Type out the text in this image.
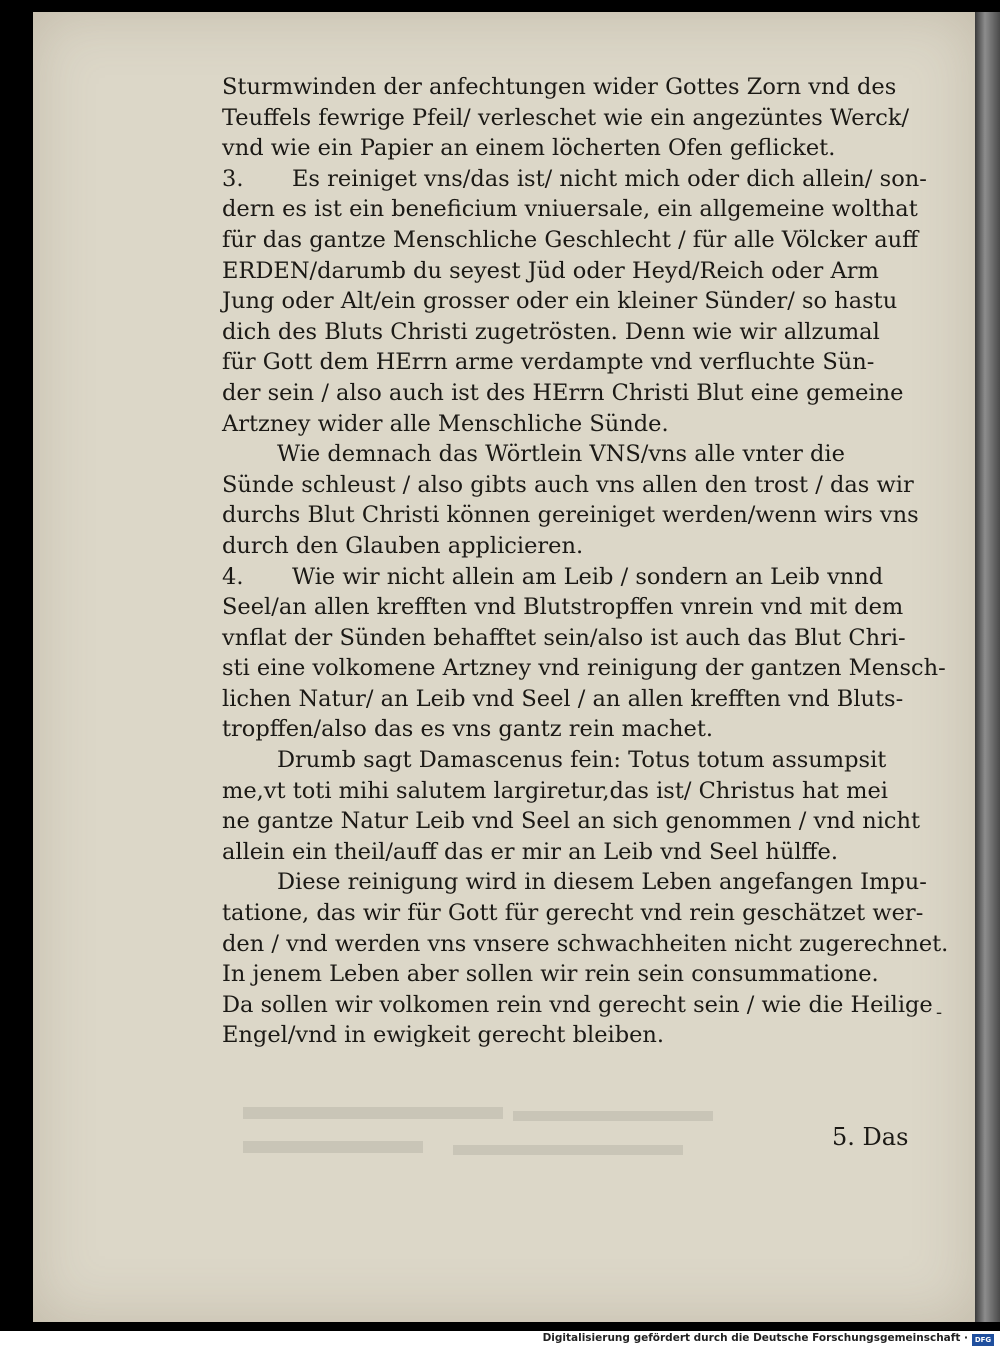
Sturmwinden der anfechtungen wider Gottes Zorn vnd des
Teuffels fewrige Pfeil/ verleschet wie ein angezüntes Werck/
vnd wie ein Papier an einem löcherten Ofen geflicket.
3. Es reiniget vns/das ist/ nicht mich oder dich allein/ son-
dern es ist ein beneficium vniuersale, ein allgemeine wolthat
für das gantze Menschliche Geschlecht / für alle Völcker auff
ERDEN/darumb du seyest Jüd oder Heyd/Reich oder Arm
Jung oder Alt/ein grosser oder ein kleiner Sünder/ so hastu
dich des Bluts Christi zugetrösten. Denn wie wir allzumal
für Gott dem HErrn arme verdampte vnd verfluchte Sün-
der sein / also auch ist des HErrn Christi Blut eine gemeine
Artzney wider alle Menschliche Sünde.
Wie demnach das Wörtlein VNS/vns alle vnter die
Sünde schleust / also gibts auch vns allen den trost / das wir
durchs Blut Christi können gereiniget werden/wenn wirs vns
durch den Glauben applicieren.
4. Wie wir nicht allein am Leib / sondern an Leib vnnd
Seel/an allen krefften vnd Blutstropffen vnrein vnd mit dem
vnflat der Sünden behafftet sein/also ist auch das Blut Chri-
sti eine volkomene Artzney vnd reinigung der gantzen Mensch-
lichen Natur/ an Leib vnd Seel / an allen krefften vnd Bluts-
tropffen/also das es vns gantz rein machet.
Drumb sagt Damascenus fein: Totus totum assumpsit
me,vt toti mihi salutem largiretur,das ist/ Christus hat mei
ne gantze Natur Leib vnd Seel an sich genommen / vnd nicht
allein ein theil/auff das er mir an Leib vnd Seel hülffe.
Diese reinigung wird in diesem Leben angefangen Impu-
tatione, das wir für Gott für gerecht vnd rein geschätzet wer-
den / vnd werden vns vnsere schwachheiten nicht zugerechnet.
In jenem Leben aber sollen wir rein sein consummatione.
Da sollen wir volkomen rein vnd gerecht sein / wie die Heilige
Engel/vnd in ewigkeit gerecht bleiben.
-
5. Das
Digitalisierung gefördert durch die Deutsche Forschungsgemeinschaft · DFG
